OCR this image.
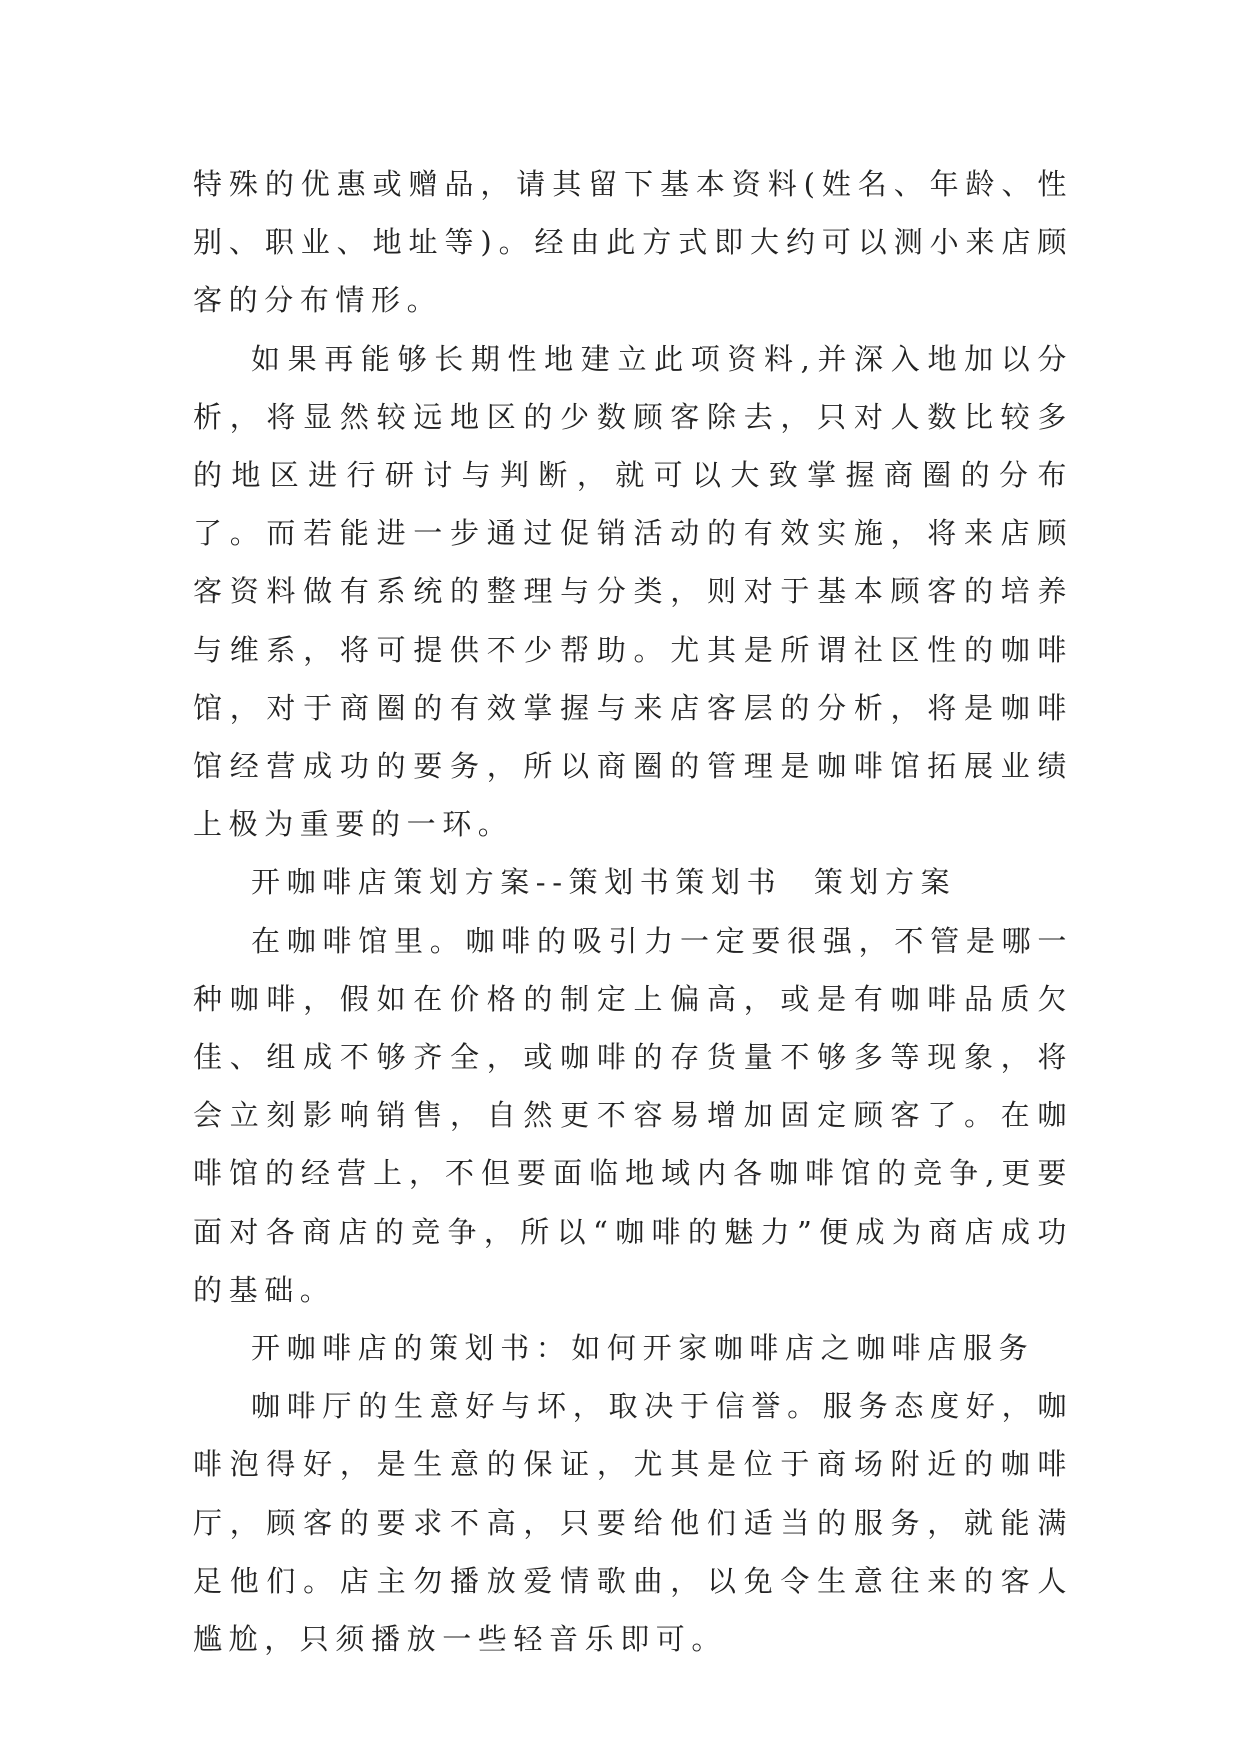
特殊的优惠或赠品，请其留下基本资料(姓名、年龄、性别、职业、地址等)。经由此方式即大约可以测小来店顾客的分布情形。

如果再能够长期性地建立此项资料,并深入地加以分析，将显然较远地区的少数顾客除去，只对人数比较多的地区进行研讨与判断，就可以大致掌握商圈的分布了。而若能进一步通过促销活动的有效实施，将来店顾客资料做有系统的整理与分类，则对于基本顾客的培养与维系，将可提供不少帮助。尤其是所谓社区性的咖啡馆，对于商圈的有效掌握与来店客层的分析，将是咖啡馆经营成功的要务，所以商圈的管理是咖啡馆拓展业绩上极为重要的一环。

开咖啡店策划方案--策划书策划书  策划方案

在咖啡馆里。咖啡的吸引力一定要很强，不管是哪一种咖啡，假如在价格的制定上偏高，或是有咖啡品质欠佳、组成不够齐全，或咖啡的存货量不够多等现象，将会立刻影响销售，自然更不容易增加固定顾客了。在咖啡馆的经营上，不但要面临地域内各咖啡馆的竞争,更要面对各商店的竞争，所以“咖啡的魅力”便成为商店成功的基础。

开咖啡店的策划书：如何开家咖啡店之咖啡店服务

咖啡厅的生意好与坏，取决于信誉。服务态度好，咖啡泡得好，是生意的保证，尤其是位于商场附近的咖啡厅，顾客的要求不高，只要给他们适当的服务，就能满足他们。店主勿播放爱情歌曲，以免令生意往来的客人尴尬，只须播放一些轻音乐即可。
